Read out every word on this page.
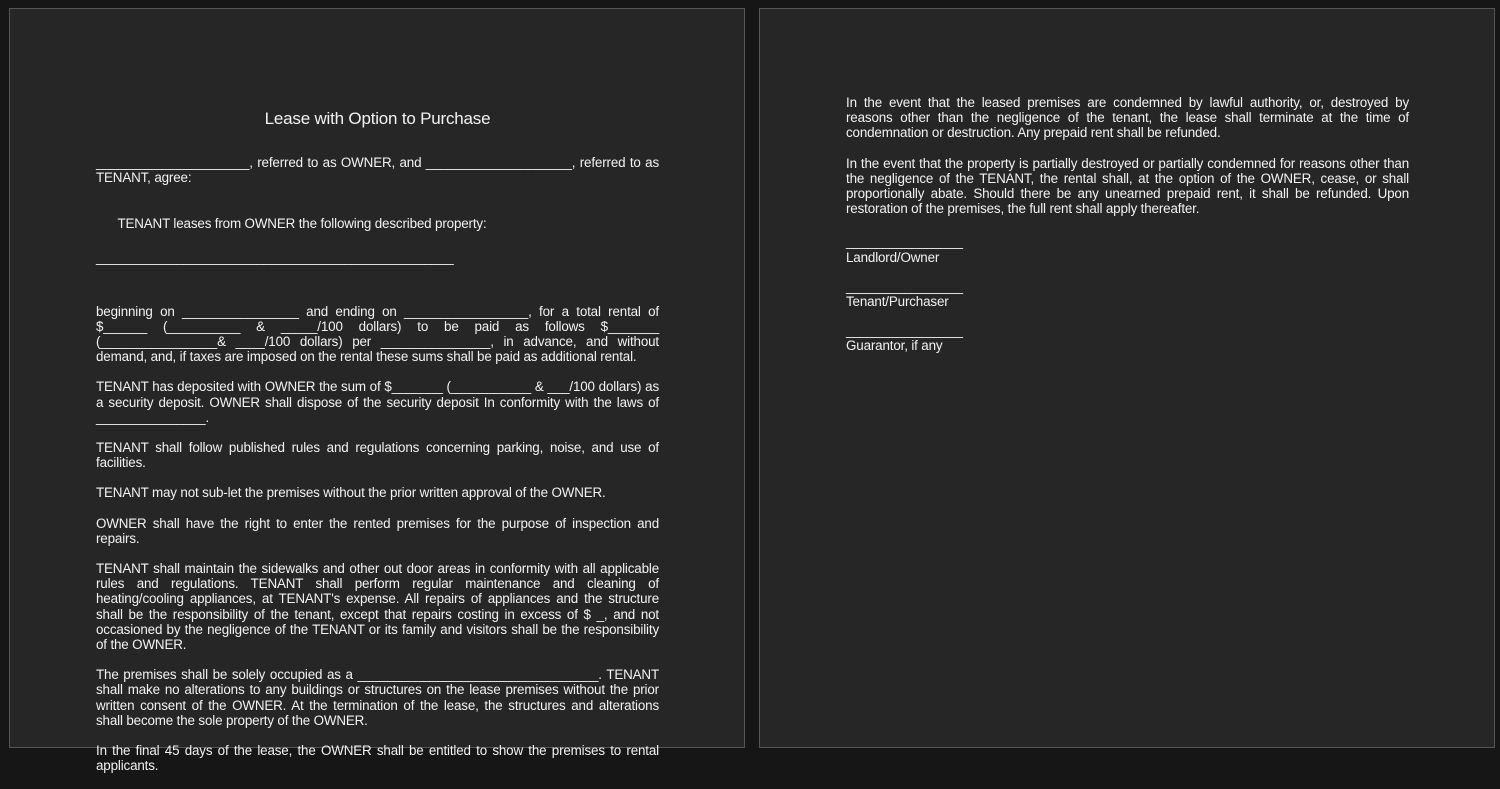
Lease with Option to Purchase

_____________________, referred to as OWNER, and ____________________, referred to as TENANT, agree:

TENANT leases from OWNER the following described property:

_________________________________________________

beginning on ________________ and ending on _________________, for a total rental of $______ (__________ & _____/100 dollars) to be paid as follows $_______ (________________& ____/100 dollars) per _______________, in advance, and without demand, and, if taxes are imposed on the rental these sums shall be paid as additional rental.

TENANT has deposited with OWNER the sum of $_______ (___________ & ___/100 dollars) as a security deposit. OWNER shall dispose of the security deposit In conformity with the laws of _______________.

TENANT shall follow published rules and regulations concerning parking, noise, and use of facilities.

TENANT may not sub-let the premises without the prior written approval of the OWNER.

OWNER shall have the right to enter the rented premises for the purpose of inspection and repairs.

TENANT shall maintain the sidewalks and other out door areas in conformity with all applicable rules and regulations. TENANT shall perform regular maintenance and cleaning of heating/cooling appliances, at TENANT's expense. All repairs of appliances and the structure shall be the responsibility of the tenant, except that repairs costing in excess of $ _, and not occasioned by the negligence of the TENANT or its family and visitors shall be the responsibility of the OWNER.

The premises shall be solely occupied as a _________________________________. TENANT shall make no alterations to any buildings or structures on the lease premises without the prior written consent of the OWNER. At the termination of the lease, the structures and alterations shall become the sole property of the OWNER.

In the final 45 days of the lease, the OWNER shall be entitled to show the premises to rental applicants.

In the event that the leased premises are condemned by lawful authority, or, destroyed by reasons other than the negligence of the tenant, the lease shall terminate at the time of condemnation or destruction. Any prepaid rent shall be refunded.

In the event that the property is partially destroyed or partially condemned for reasons other than the negligence of the TENANT, the rental shall, at the option of the OWNER, cease, or shall proportionally abate. Should there be any unearned prepaid rent, it shall be refunded. Upon restoration of the premises, the full rent shall apply thereafter.

________________
Landlord/Owner
________________
Tenant/Purchaser
________________
Guarantor, if any
